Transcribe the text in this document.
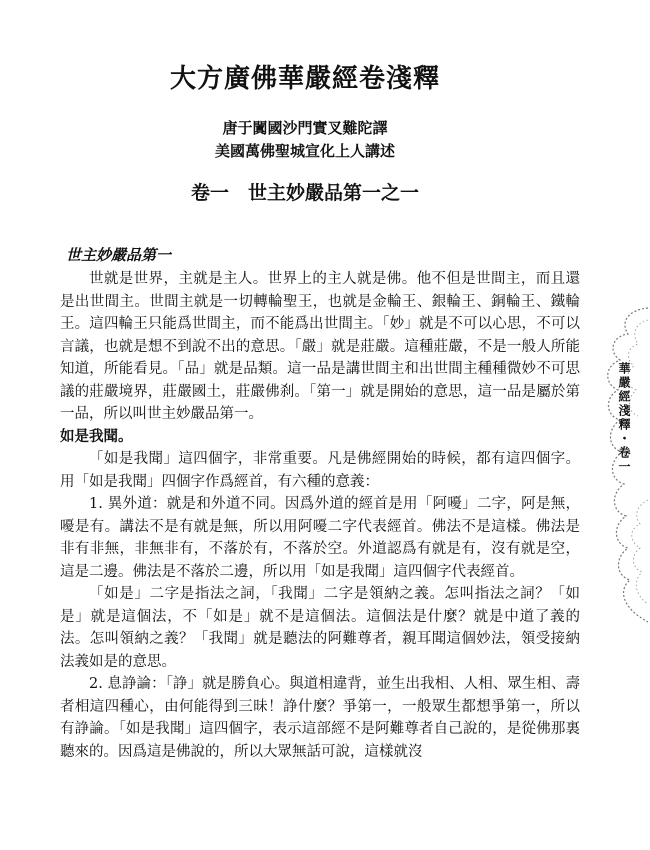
大方廣佛華嚴經卷淺釋

唐于闐國沙門實叉難陀譯

美國萬佛聖城宣化上人講述

卷一　世主妙嚴品第一之一
世主妙嚴品第一

世就是世界，主就是主人。世界上的主人就是佛。他不但是世間主，而且還是出世間主。世間主就是一切轉輪聖王，也就是金輪王、銀輪王、銅輪王、鐵輪王。這四輪王只能爲世間主，而不能爲出世間主。「妙」就是不可以心思，不可以言議，也就是想不到說不出的意思。「嚴」就是莊嚴。這種莊嚴，不是一般人所能知道，所能看見。「品」就是品類。這一品是講世間主和出世間主種種微妙不可思議的莊嚴境界，莊嚴國土，莊嚴佛刹。「第一」就是開始的意思，這一品是屬於第一品，所以叫世主妙嚴品第一。

如是我聞。

「如是我聞」這四個字，非常重要。凡是佛經開始的時候，都有這四個字。用「如是我聞」四個字作爲經首，有六種的意義：

1. 異外道：就是和外道不同。因爲外道的經首是用「阿嚘」二字，阿是無，嚘是有。講法不是有就是無，所以用阿嚘二字代表經首。佛法不是這樣。佛法是非有非無，非無非有，不落於有，不落於空。外道認爲有就是有，沒有就是空，這是二邊。佛法是不落於二邊，所以用「如是我聞」這四個字代表經首。

「如是」二字是指法之詞，「我聞」二字是領納之義。怎叫指法之詞？「如是」就是這個法，不「如是」就不是這個法。這個法是什麼？就是中道了義的法。怎叫領納之義？「我聞」就是聽法的阿難尊者，親耳聞這個妙法，領受接納法義如是的意思。

2. 息諍論：「諍」就是勝負心。與道相違背，並生出我相、人相、眾生相、壽者相這四種心，由何能得到三昧！諍什麼？爭第一，一般眾生都想爭第一，所以有諍論。「如是我聞」這四個字，表示這部經不是阿難尊者自己說的，是從佛那裏聽來的。因爲這是佛說的，所以大眾無話可說，這樣就沒

華嚴經淺釋・卷一
